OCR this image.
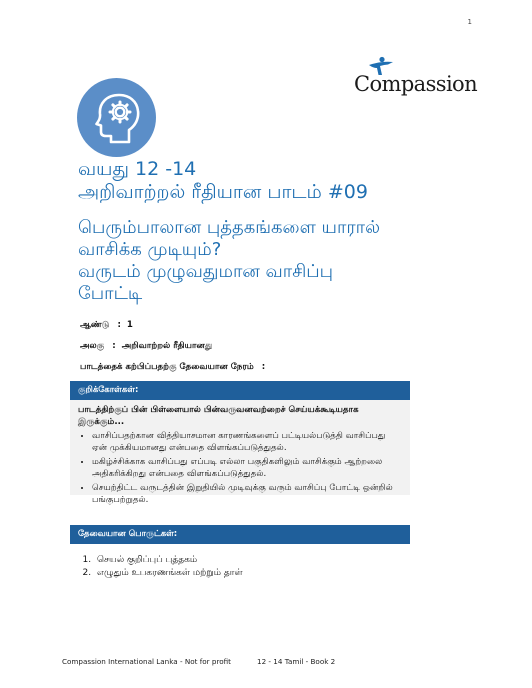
1
Compassion
வயது 12 -14
அறிவாற்றல் ரீதியான பாடம் #09
பெரும்பாலான புத்தகங்களை யாரால்
வாசிக்க முடியும்?
வருடம் முழுவதுமான வாசிப்பு
போட்டி
ஆண்டு : 1
அலகு : அறிவாற்றல் ரீதியானது
பாடத்தைக் கற்பிப்பதற்கு தேவையான நேரம் :
குறிக்கோள்கள்:

பாடத்திற்குப் பின் பிள்ளையால் பின்வருவனவற்றைச் செய்யக்கூடியதாக இருக்கும்...

• வாசிப்பதற்கான வித்தியாசமான காரணங்களைப் பட்டியல்படுத்தி வாசிப்பது ஏன் முக்கியமானது என்பதை விளங்கப்படுத்துதல்.
• மகிழ்ச்சிக்காக வாசிப்பது எப்படி எல்லா பகுதிகளிலும் வாசிக்கும் ஆற்றலை அதிகரிக்கிறது என்பதை விளங்கப்படுத்துதல்.
• செயற்திட்ட வருடத்தின் இறுதியில் முடிவுக்கு வரும் வாசிப்பு போட்டி ஒன்றில் பங்குபற்றுதல்.
தேவையான பொருட்கள்:
1. செயல் குறிப்புப் புத்தகம்
2. எழுதும் உபகரணங்கள் மற்றும் தாள்
Compassion International Lanka - Not for profit	12 - 14 Tamil - Book 2
